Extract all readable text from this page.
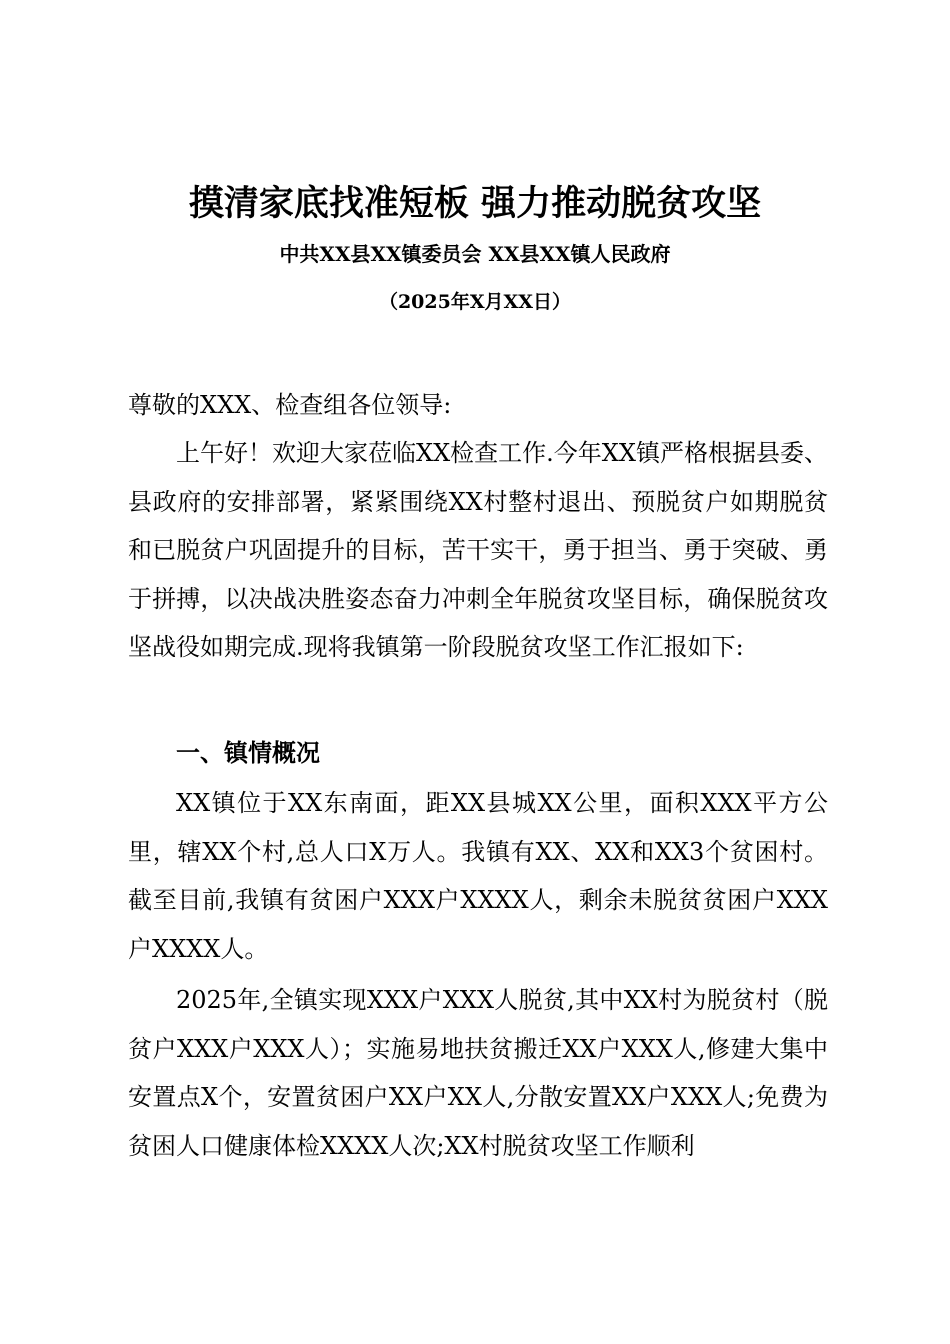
摸清家底找准短板 强力推动脱贫攻坚
中共XX县XX镇委员会 XX县XX镇人民政府
（2025年X月XX日）
尊敬的XXX、检查组各位领导:
上午好！欢迎大家莅临XX检查工作.今年XX镇严格根据县委、县政府的安排部署，紧紧围绕XX村整村退出、预脱贫户如期脱贫和已脱贫户巩固提升的目标，苦干实干，勇于担当、勇于突破、勇于拼搏，以决战决胜姿态奋力冲刺全年脱贫攻坚目标，确保脱贫攻坚战役如期完成.现将我镇第一阶段脱贫攻坚工作汇报如下:
一、镇情概况
XX镇位于XX东南面，距XX县城XX公里，面积XXX平方公里，辖XX个村,总人口X万人。我镇有XX、XX和XX3个贫困村。截至目前,我镇有贫困户XXX户XXXX人，剩余未脱贫贫困户XXX户XXXX人。
2025年,全镇实现XXX户XXX人脱贫,其中XX村为脱贫村（脱贫户XXX户XXX人）；实施易地扶贫搬迁XX户XXX人,修建大集中安置点X个，安置贫困户XX户XX人,分散安置XX户XXX人;免费为贫困人口健康体检XXXX人次;XX村脱贫攻坚工作顺利
